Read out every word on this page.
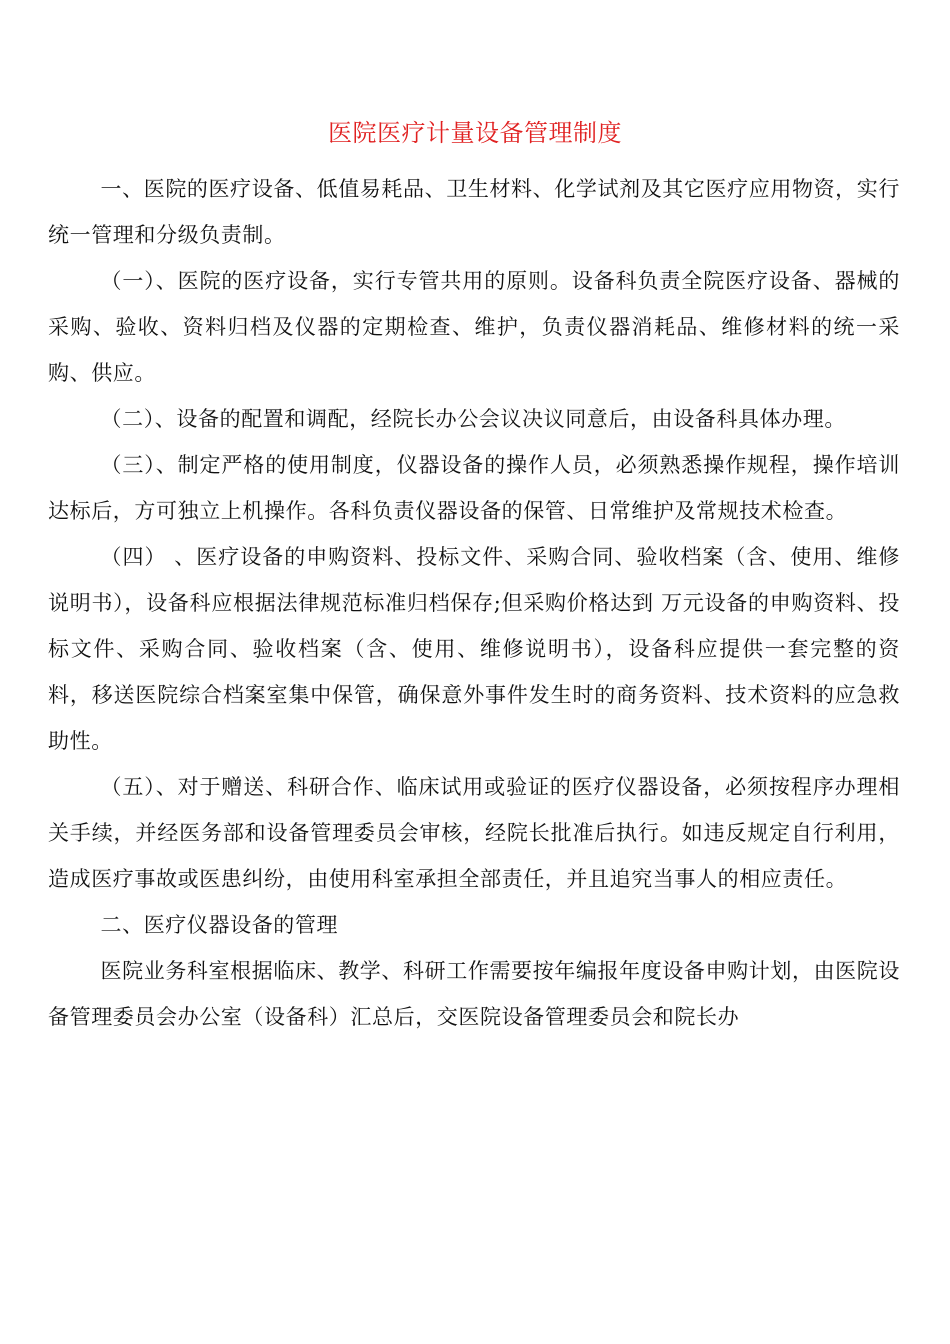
医院医疗计量设备管理制度

一、医院的医疗设备、低值易耗品、卫生材料、化学试剂及其它医疗应用物资，实行统一管理和分级负责制。

（一）、医院的医疗设备，实行专管共用的原则。设备科负责全院医疗设备、器械的采购、验收、资料归档及仪器的定期检查、维护，负责仪器消耗品、维修材料的统一采购、供应。

（二）、设备的配置和调配，经院长办公会议决议同意后，由设备科具体办理。

（三）、制定严格的使用制度，仪器设备的操作人员，必须熟悉操作规程，操作培训达标后，方可独立上机操作。各科负责仪器设备的保管、日常维护及常规技术检查。

（四） 、医疗设备的申购资料、投标文件、采购合同、验收档案（含、使用、维修说明书），设备科应根据法律规范标准归档保存;但采购价格达到 万元设备的申购资料、投标文件、采购合同、验收档案（含、使用、维修说明书），设备科应提供一套完整的资料，移送医院综合档案室集中保管，确保意外事件发生时的商务资料、技术资料的应急救助性。

（五）、对于赠送、科研合作、临床试用或验证的医疗仪器设备，必须按程序办理相关手续，并经医务部和设备管理委员会审核，经院长批准后执行。如违反规定自行利用，造成医疗事故或医患纠纷，由使用科室承担全部责任，并且追究当事人的相应责任。

二、医疗仪器设备的管理

医院业务科室根据临床、教学、科研工作需要按年编报年度设备申购计划，由医院设备管理委员会办公室（设备科）汇总后，交医院设备管理委员会和院长办
